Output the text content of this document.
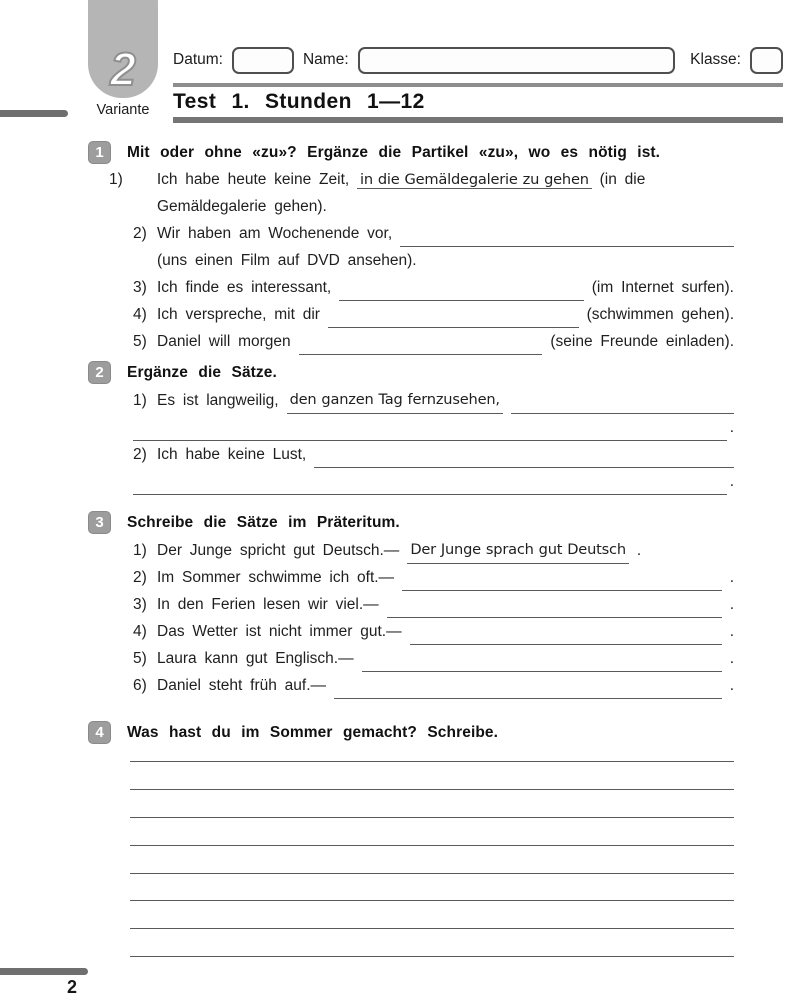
2
Variante
Datum:	Name:	Klasse:
Test 1. Stunden 1—12
1	Mit oder ohne «zu»? Ergänze die Partikel «zu», wo es nötig ist.

1) Ich habe heute keine Zeit, in die Gemäldegalerie zu gehen (in die Gemäldegalerie gehen).

2) Wir haben am Wochenende vor,
(uns einen Film auf DVD ansehen).
3) Ich finde es interessant,	(im Internet surfen).
4) Ich verspreche, mit dir	(schwimmen gehen).
5) Daniel will morgen	(seine Freunde einladen).
2	Ergänze die Sätze.
1) Es ist langweilig, den ganzen Tag fernzusehen,
.
2) Ich habe keine Lust,
.
3	Schreibe die Sätze im Präteritum.
1) Der Junge spricht gut Deutsch.— Der Junge sprach gut Deutsch .
2) Im Sommer schwimme ich oft.—	.
3) In den Ferien lesen wir viel.—	.
4) Das Wetter ist nicht immer gut.—	.
5) Laura kann gut Englisch.—	.
6) Daniel steht früh auf.—	.
4	Was hast du im Sommer gemacht? Schreibe.
2
